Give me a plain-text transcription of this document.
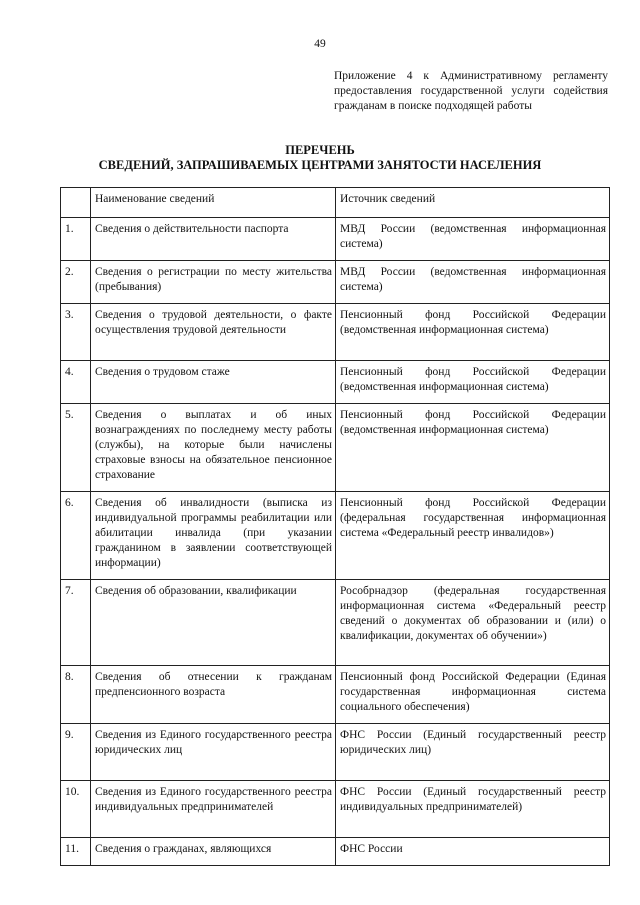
49
Приложение 4 к Административному регламенту предоставления государственной услуги содействия гражданам в поиске подходящей работы
ПЕРЕЧЕНЬ
СВЕДЕНИЙ, ЗАПРАШИВАЕМЫХ ЦЕНТРАМИ ЗАНЯТОСТИ НАСЕЛЕНИЯ
	Наименование сведений	Источник сведений
1.	Сведения о действительности паспорта	МВД России (ведомственная информационная система)
2.	Сведения о регистрации по месту жительства (пребывания)	МВД России (ведомственная информационная система)
3.	Сведения о трудовой деятельности, о факте осуществления трудовой деятельности	Пенсионный фонд Российской Федерации (ведомственная информационная система)
4.	Сведения о трудовом стаже	Пенсионный фонд Российской Федерации (ведомственная информационная система)
5.	Сведения о выплатах и об иных вознаграждениях по последнему месту работы (службы), на которые были начислены страховые взносы на обязательное пенсионное страхование	Пенсионный фонд Российской Федерации (ведомственная информационная система)
6.	Сведения об инвалидности (выписка из индивидуальной программы реабилитации или абилитации инвалида (при указании гражданином в заявлении соответствующей информации)	Пенсионный фонд Российской Федерации (федеральная государственная информационная система «Федеральный реестр инвалидов»)
7.	Сведения об образовании, квалификации	Рособрнадзор (федеральная государственная информационная система «Федеральный реестр сведений о документах об образовании и (или) о квалификации, документах об обучении»)
8.	Сведения об отнесении к гражданам предпенсионного возраста	Пенсионный фонд Российской Федерации (Единая государственная информационная система социального обеспечения)
9.	Сведения из Единого государственного реестра юридических лиц	ФНС России (Единый государственный реестр юридических лиц)
10.	Сведения из Единого государственного реестра индивидуальных предпринимателей	ФНС России (Единый государственный реестр индивидуальных предпринимателей)
11.	Сведения о гражданах, являющихся	ФНС России
